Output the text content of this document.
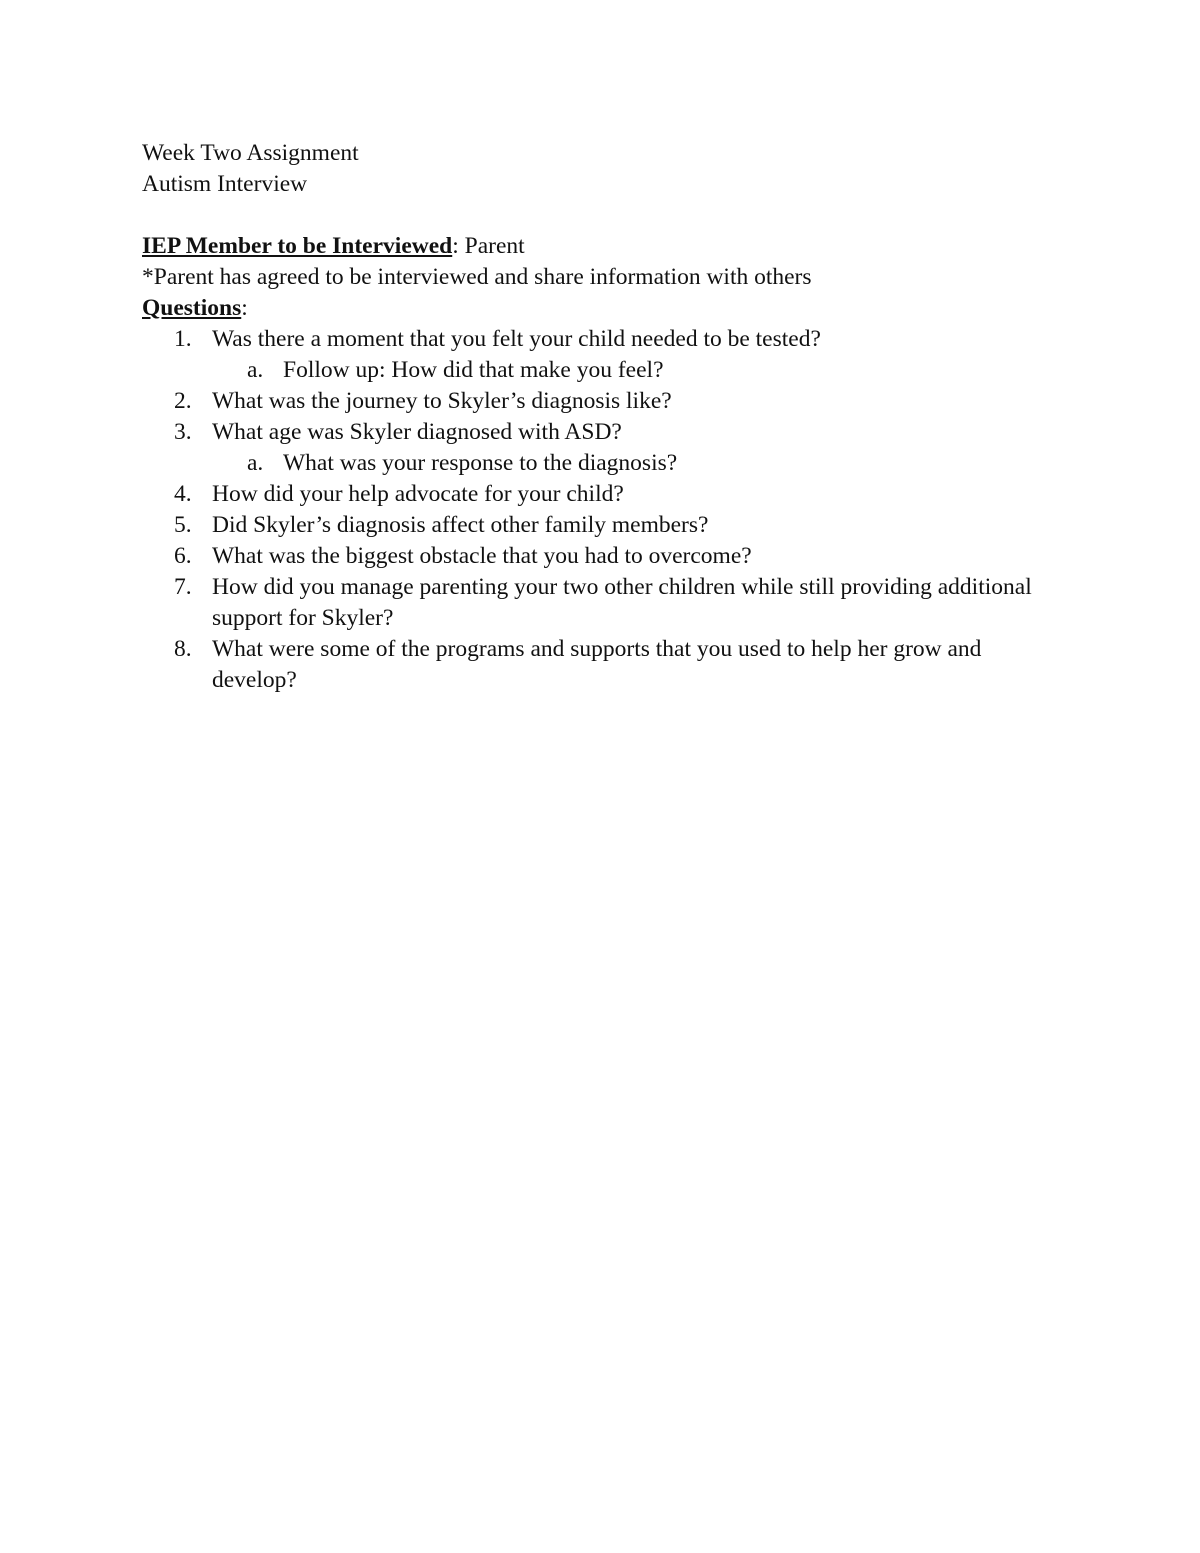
Week Two Assignment
Autism Interview
IEP Member to be Interviewed: Parent
*Parent has agreed to be interviewed and share information with others
Questions:
1. Was there a moment that you felt your child needed to be tested?
a. Follow up: How did that make you feel?
2. What was the journey to Skyler’s diagnosis like?
3. What age was Skyler diagnosed with ASD?
a. What was your response to the diagnosis?
4. How did your help advocate for your child?
5. Did Skyler’s diagnosis affect other family members?
6. What was the biggest obstacle that you had to overcome?
7. How did you manage parenting your two other children while still providing additional support for Skyler?
8. What were some of the programs and supports that you used to help her grow and develop?
